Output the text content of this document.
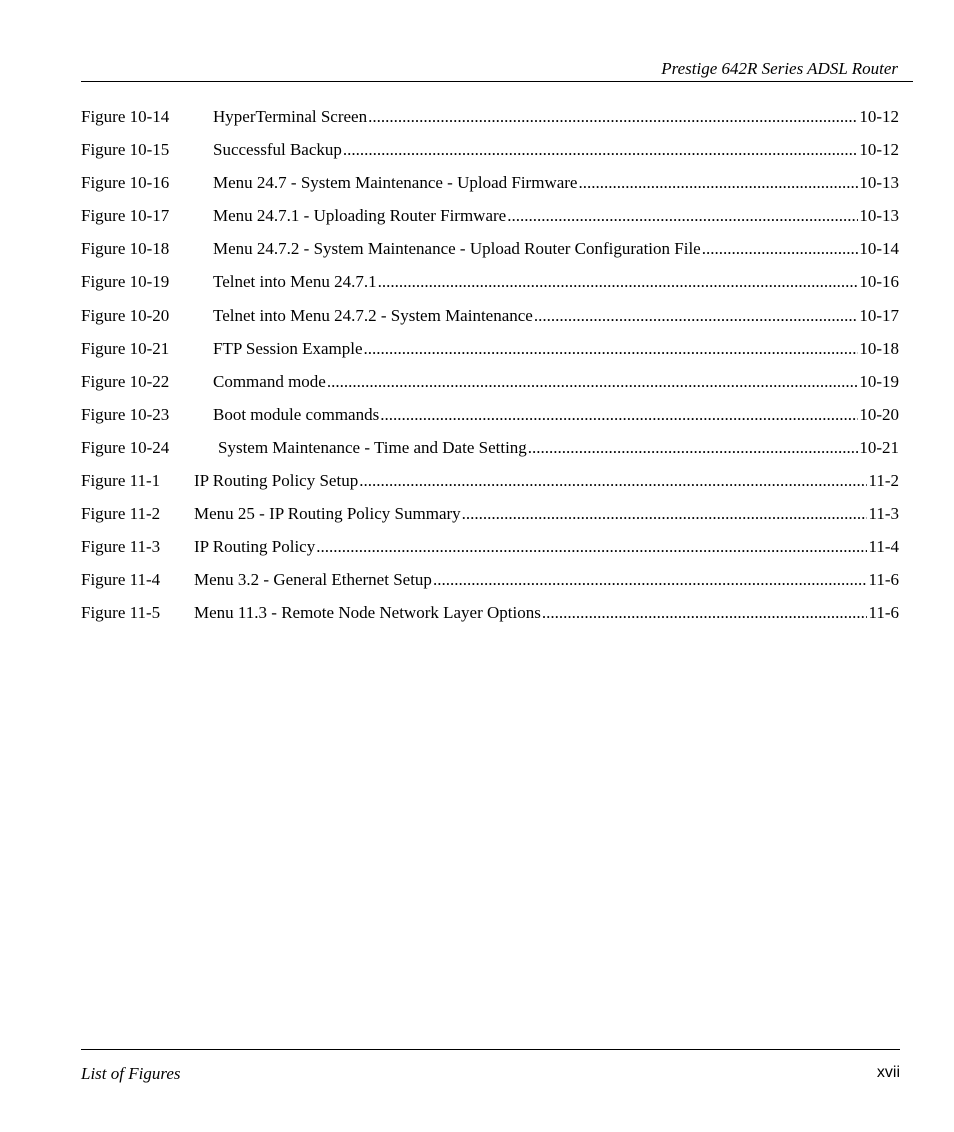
Prestige 642R Series ADSL Router
Figure 10-14	HyperTerminal Screen .....	10-12
Figure 10-15	Successful Backup .....	10-12
Figure 10-16	Menu 24.7 - System Maintenance - Upload Firmware .....	10-13
Figure 10-17	Menu 24.7.1 - Uploading Router Firmware .....	10-13
Figure 10-18	Menu 24.7.2 - System Maintenance - Upload Router Configuration File .....	10-14
Figure 10-19	Telnet into Menu 24.7.1 .....	10-16
Figure 10-20	Telnet into Menu 24.7.2 - System Maintenance .....	10-17
Figure 10-21	FTP Session Example .....	10-18
Figure 10-22	Command mode .....	10-19
Figure 10-23	Boot module commands .....	10-20
Figure 10-24	System Maintenance - Time and Date Setting .....	10-21
Figure 11-1 IP Routing Policy Setup .....	11-2
Figure 11-2 Menu 25 - IP Routing Policy Summary .....	11-3
Figure 11-3 IP Routing Policy .....	11-4
Figure 11-4 Menu 3.2 - General Ethernet Setup .....	11-6
Figure 11-5 Menu 11.3 - Remote Node Network Layer Options .....	11-6
List of Figures	xvii
